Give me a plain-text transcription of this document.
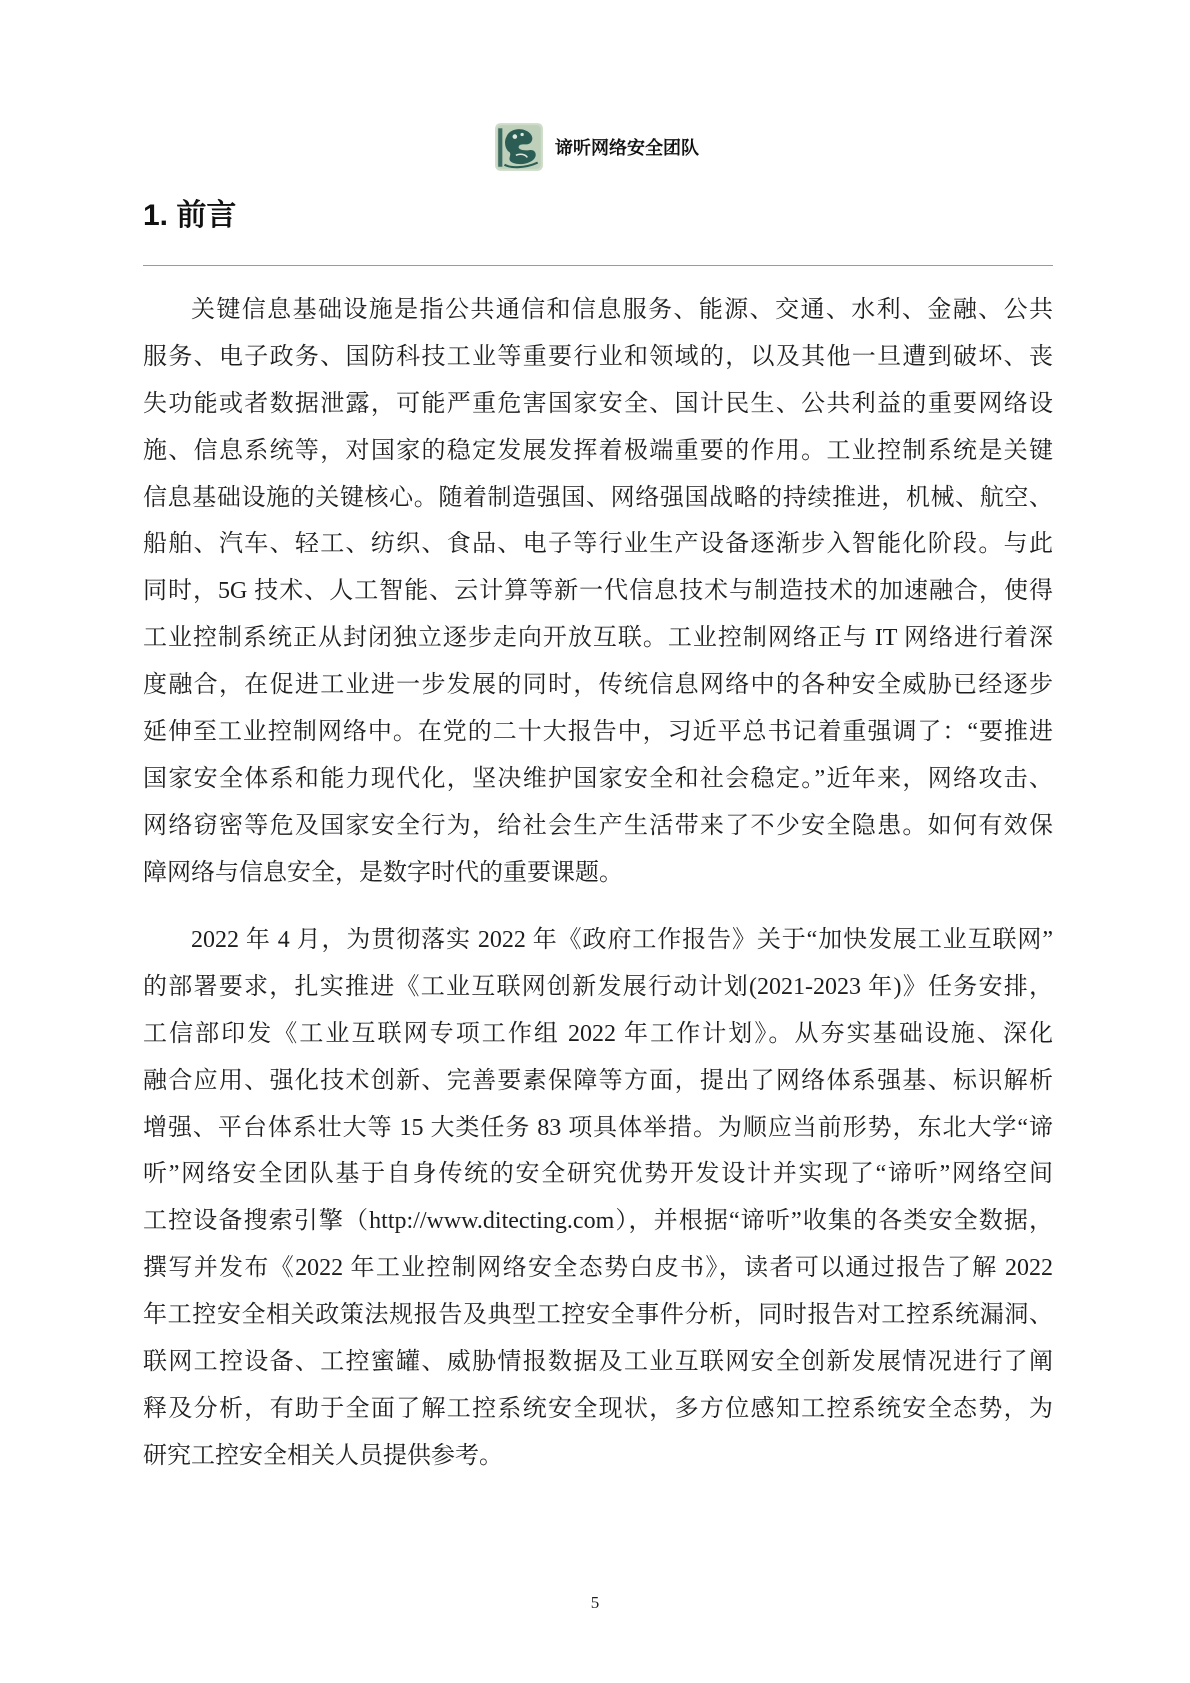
谛听网络安全团队
1. 前言
关键信息基础设施是指公共通信和信息服务、能源、交通、水利、金融、公共
服务、电子政务、国防科技工业等重要行业和领域的，以及其他一旦遭到破坏、丧
失功能或者数据泄露，可能严重危害国家安全、国计民生、公共利益的重要网络设
施、信息系统等，对国家的稳定发展发挥着极端重要的作用。工业控制系统是关键
信息基础设施的关键核心。随着制造强国、网络强国战略的持续推进，机械、航空、
船舶、汽车、轻工、纺织、食品、电子等行业生产设备逐渐步入智能化阶段。与此
同时，5G 技术、人工智能、云计算等新一代信息技术与制造技术的加速融合，使得
工业控制系统正从封闭独立逐步走向开放互联。工业控制网络正与 IT 网络进行着深
度融合，在促进工业进一步发展的同时，传统信息网络中的各种安全威胁已经逐步
延伸至工业控制网络中。在党的二十大报告中，习近平总书记着重强调了：“要推进
国家安全体系和能力现代化，坚决维护国家安全和社会稳定。”近年来，网络攻击、
网络窃密等危及国家安全行为，给社会生产生活带来了不少安全隐患。如何有效保
障网络与信息安全，是数字时代的重要课题。
2022 年 4 月，为贯彻落实 2022 年《政府工作报告》关于“加快发展工业互联网”
的部署要求，扎实推进《工业互联网创新发展行动计划(2021-2023 年)》任务安排，
工信部印发《工业互联网专项工作组 2022 年工作计划》。从夯实基础设施、深化
融合应用、强化技术创新、完善要素保障等方面，提出了网络体系强基、标识解析
增强、平台体系壮大等 15 大类任务 83 项具体举措。为顺应当前形势，东北大学“谛
听”网络安全团队基于自身传统的安全研究优势开发设计并实现了“谛听”网络空间
工控设备搜索引擎（http://www.ditecting.com），并根据“谛听”收集的各类安全数据，
撰写并发布《2022 年工业控制网络安全态势白皮书》，读者可以通过报告了解 2022
年工控安全相关政策法规报告及典型工控安全事件分析，同时报告对工控系统漏洞、
联网工控设备、工控蜜罐、威胁情报数据及工业互联网安全创新发展情况进行了阐
释及分析，有助于全面了解工控系统安全现状，多方位感知工控系统安全态势，为
研究工控安全相关人员提供参考。
5
